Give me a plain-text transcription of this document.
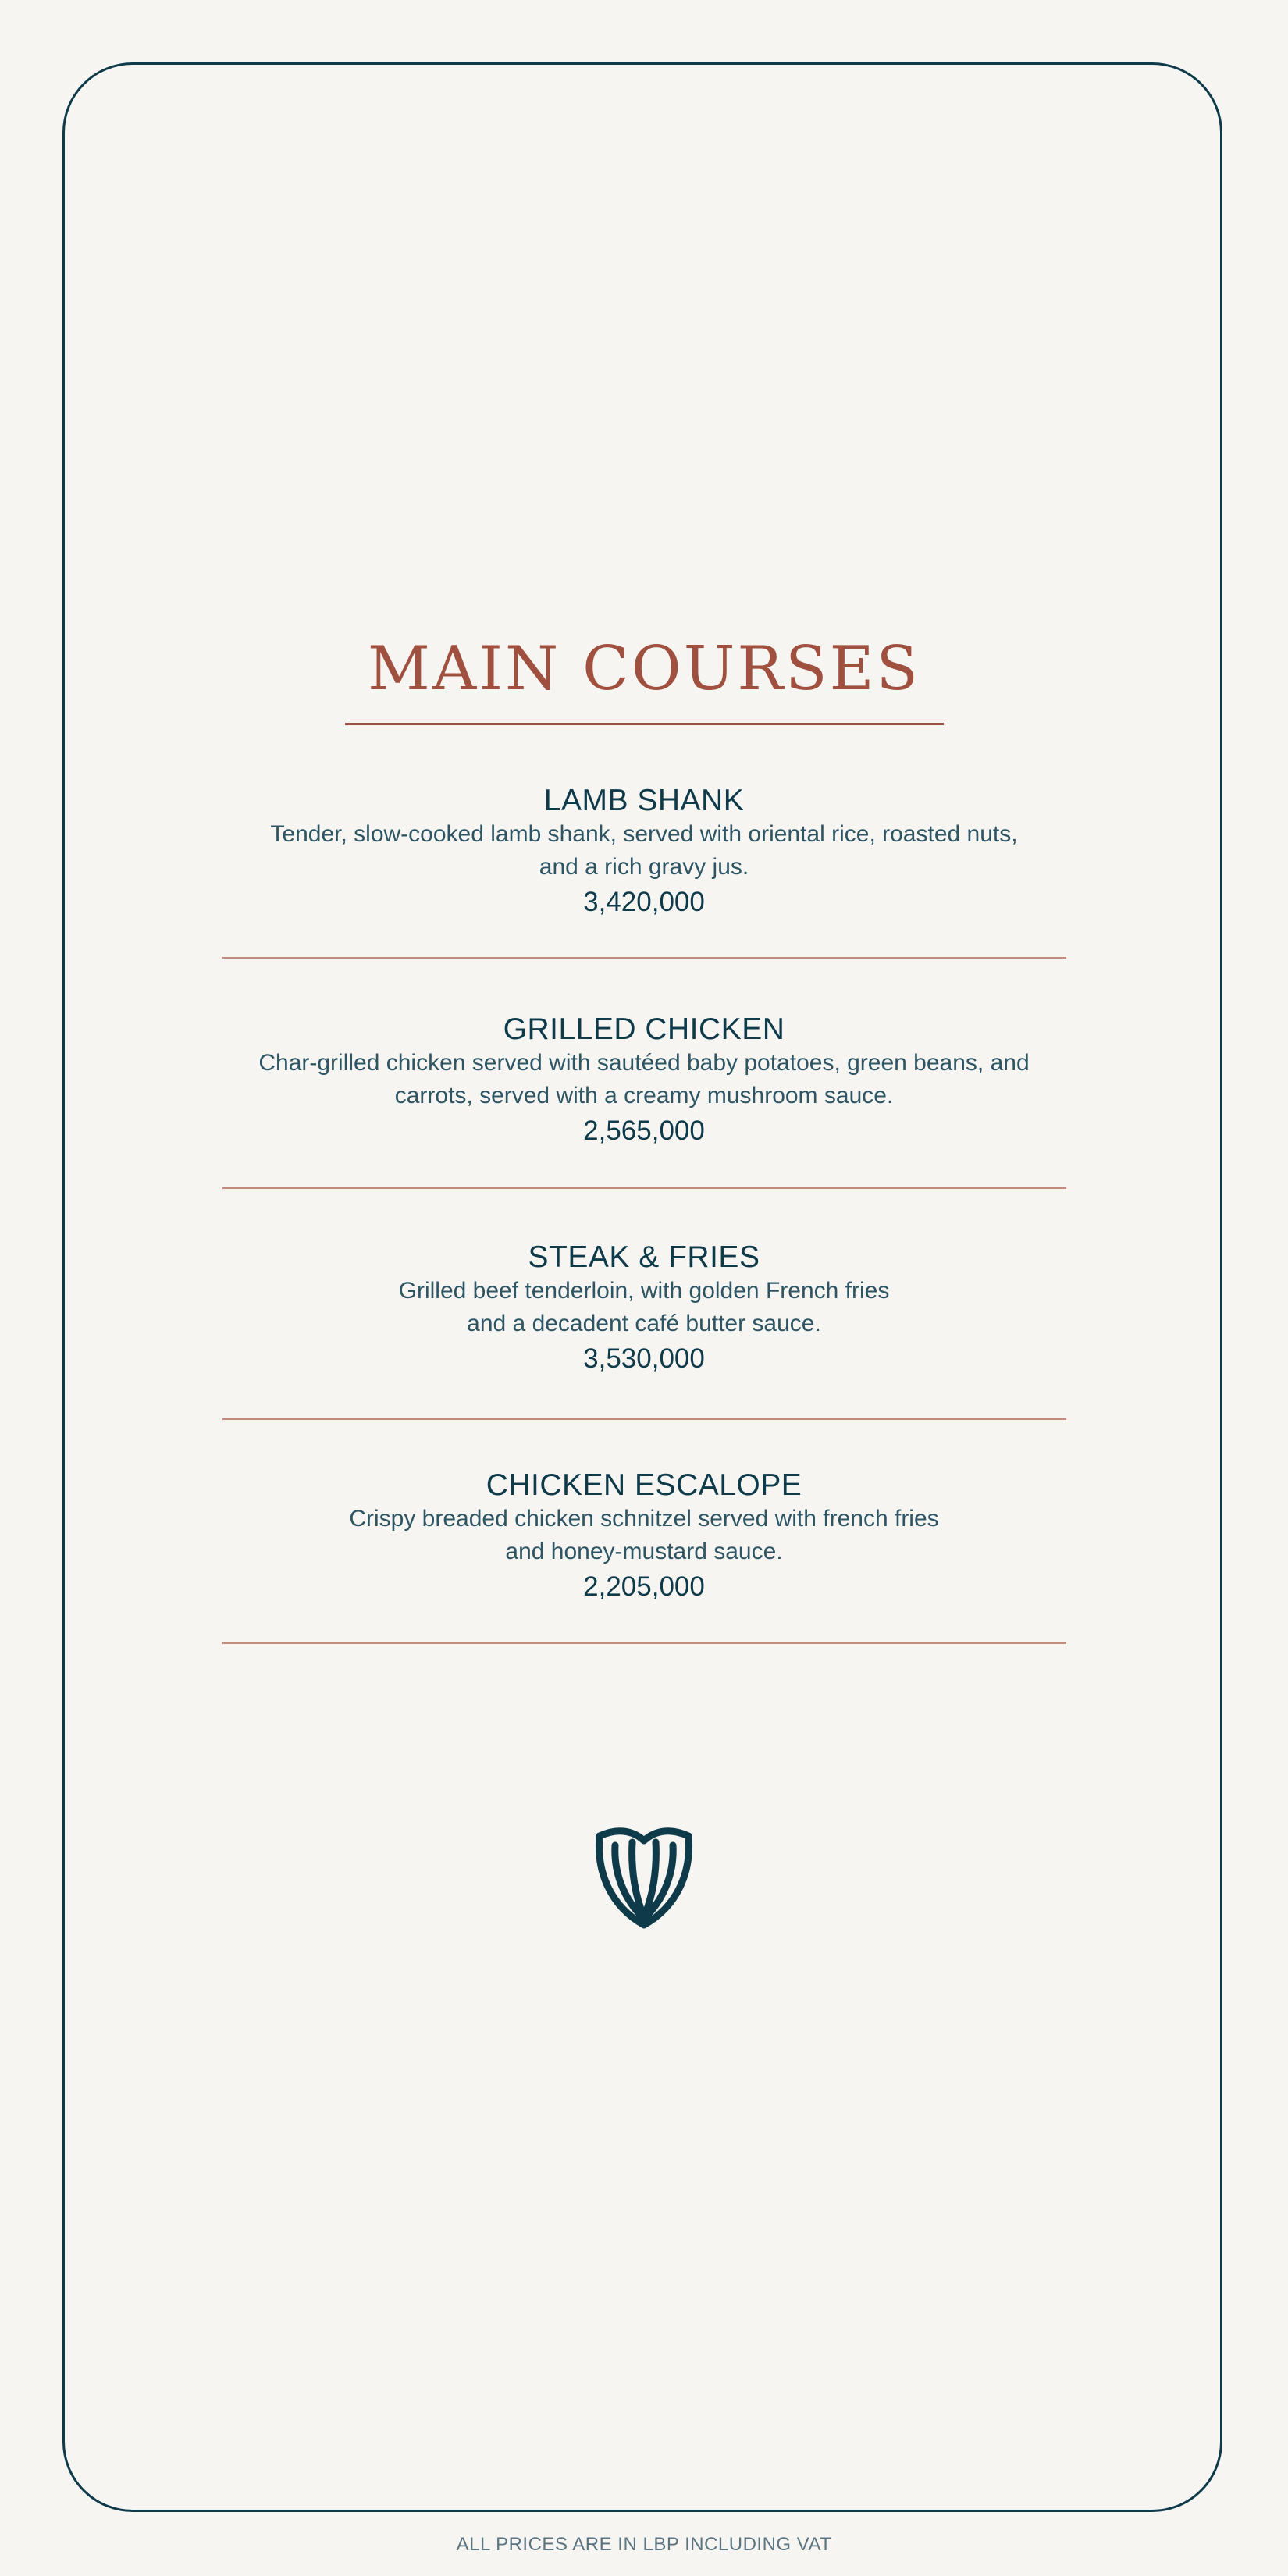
MAIN COURSES
LAMB SHANK
Tender, slow-cooked lamb shank, served with oriental rice, roasted nuts,
and a rich gravy jus.
3,420,000
GRILLED CHICKEN
Char-grilled chicken served with sautéed baby potatoes, green beans, and
carrots, served with a creamy mushroom sauce.
2,565,000
STEAK & FRIES
Grilled beef tenderloin, with golden French fries
and a decadent café butter sauce.
3,530,000
CHICKEN ESCALOPE
Crispy breaded chicken schnitzel served with french fries
and honey-mustard sauce.
2,205,000
ALL PRICES ARE IN LBP INCLUDING VAT
